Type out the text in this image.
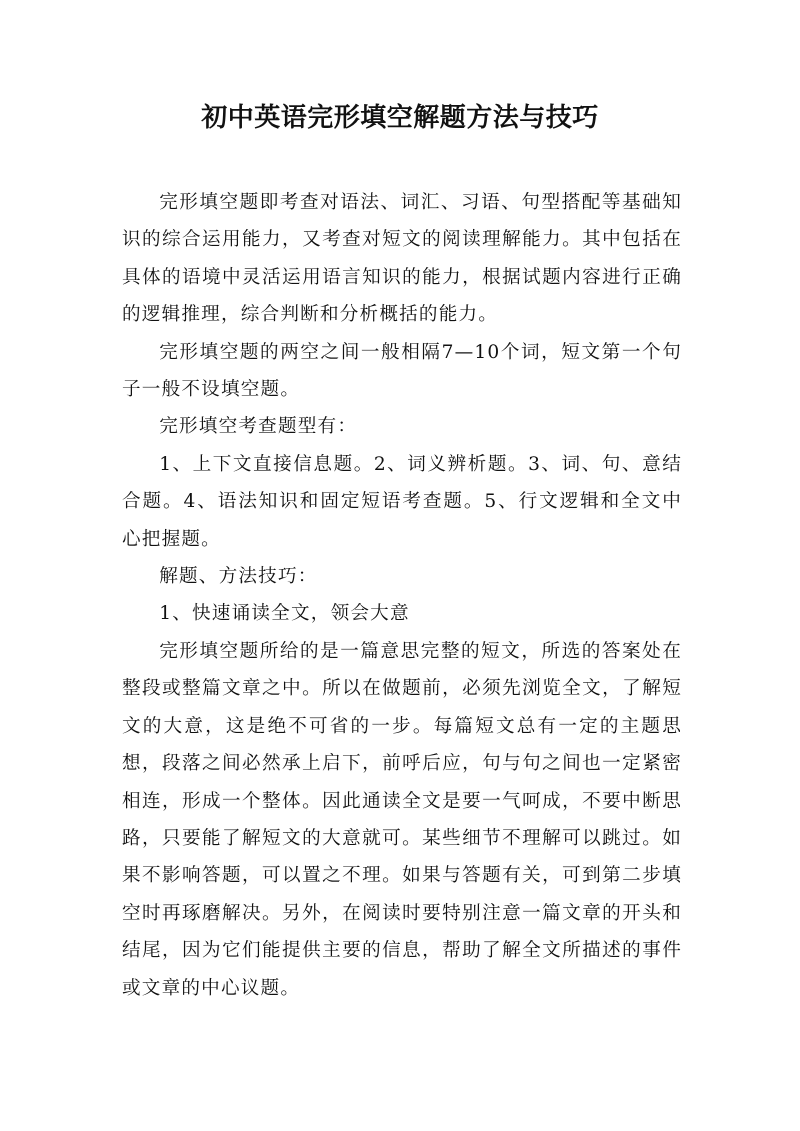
初中英语完形填空解题方法与技巧

完形填空题即考查对语法、词汇、习语、句型搭配等基础知识的综合运用能力，又考查对短文的阅读理解能力。其中包括在具体的语境中灵活运用语言知识的能力，根据试题内容进行正确的逻辑推理，综合判断和分析概括的能力。

完形填空题的两空之间一般相隔7—10个词，短文第一个句子一般不设填空题。

完形填空考查题型有：

1、上下文直接信息题。2、词义辨析题。3、词、句、意结合题。4、语法知识和固定短语考查题。5、行文逻辑和全文中心把握题。

解题、方法技巧：

1、快速诵读全文，领会大意

完形填空题所给的是一篇意思完整的短文，所选的答案处在整段或整篇文章之中。所以在做题前，必须先浏览全文，了解短文的大意，这是绝不可省的一步。每篇短文总有一定的主题思想，段落之间必然承上启下，前呼后应，句与句之间也一定紧密相连，形成一个整体。因此通读全文是要一气呵成，不要中断思路，只要能了解短文的大意就可。某些细节不理解可以跳过。如果不影响答题，可以置之不理。如果与答题有关，可到第二步填空时再琢磨解决。另外，在阅读时要特别注意一篇文章的开头和结尾，因为它们能提供主要的信息，帮助了解全文所描述的事件或文章的中心议题。
